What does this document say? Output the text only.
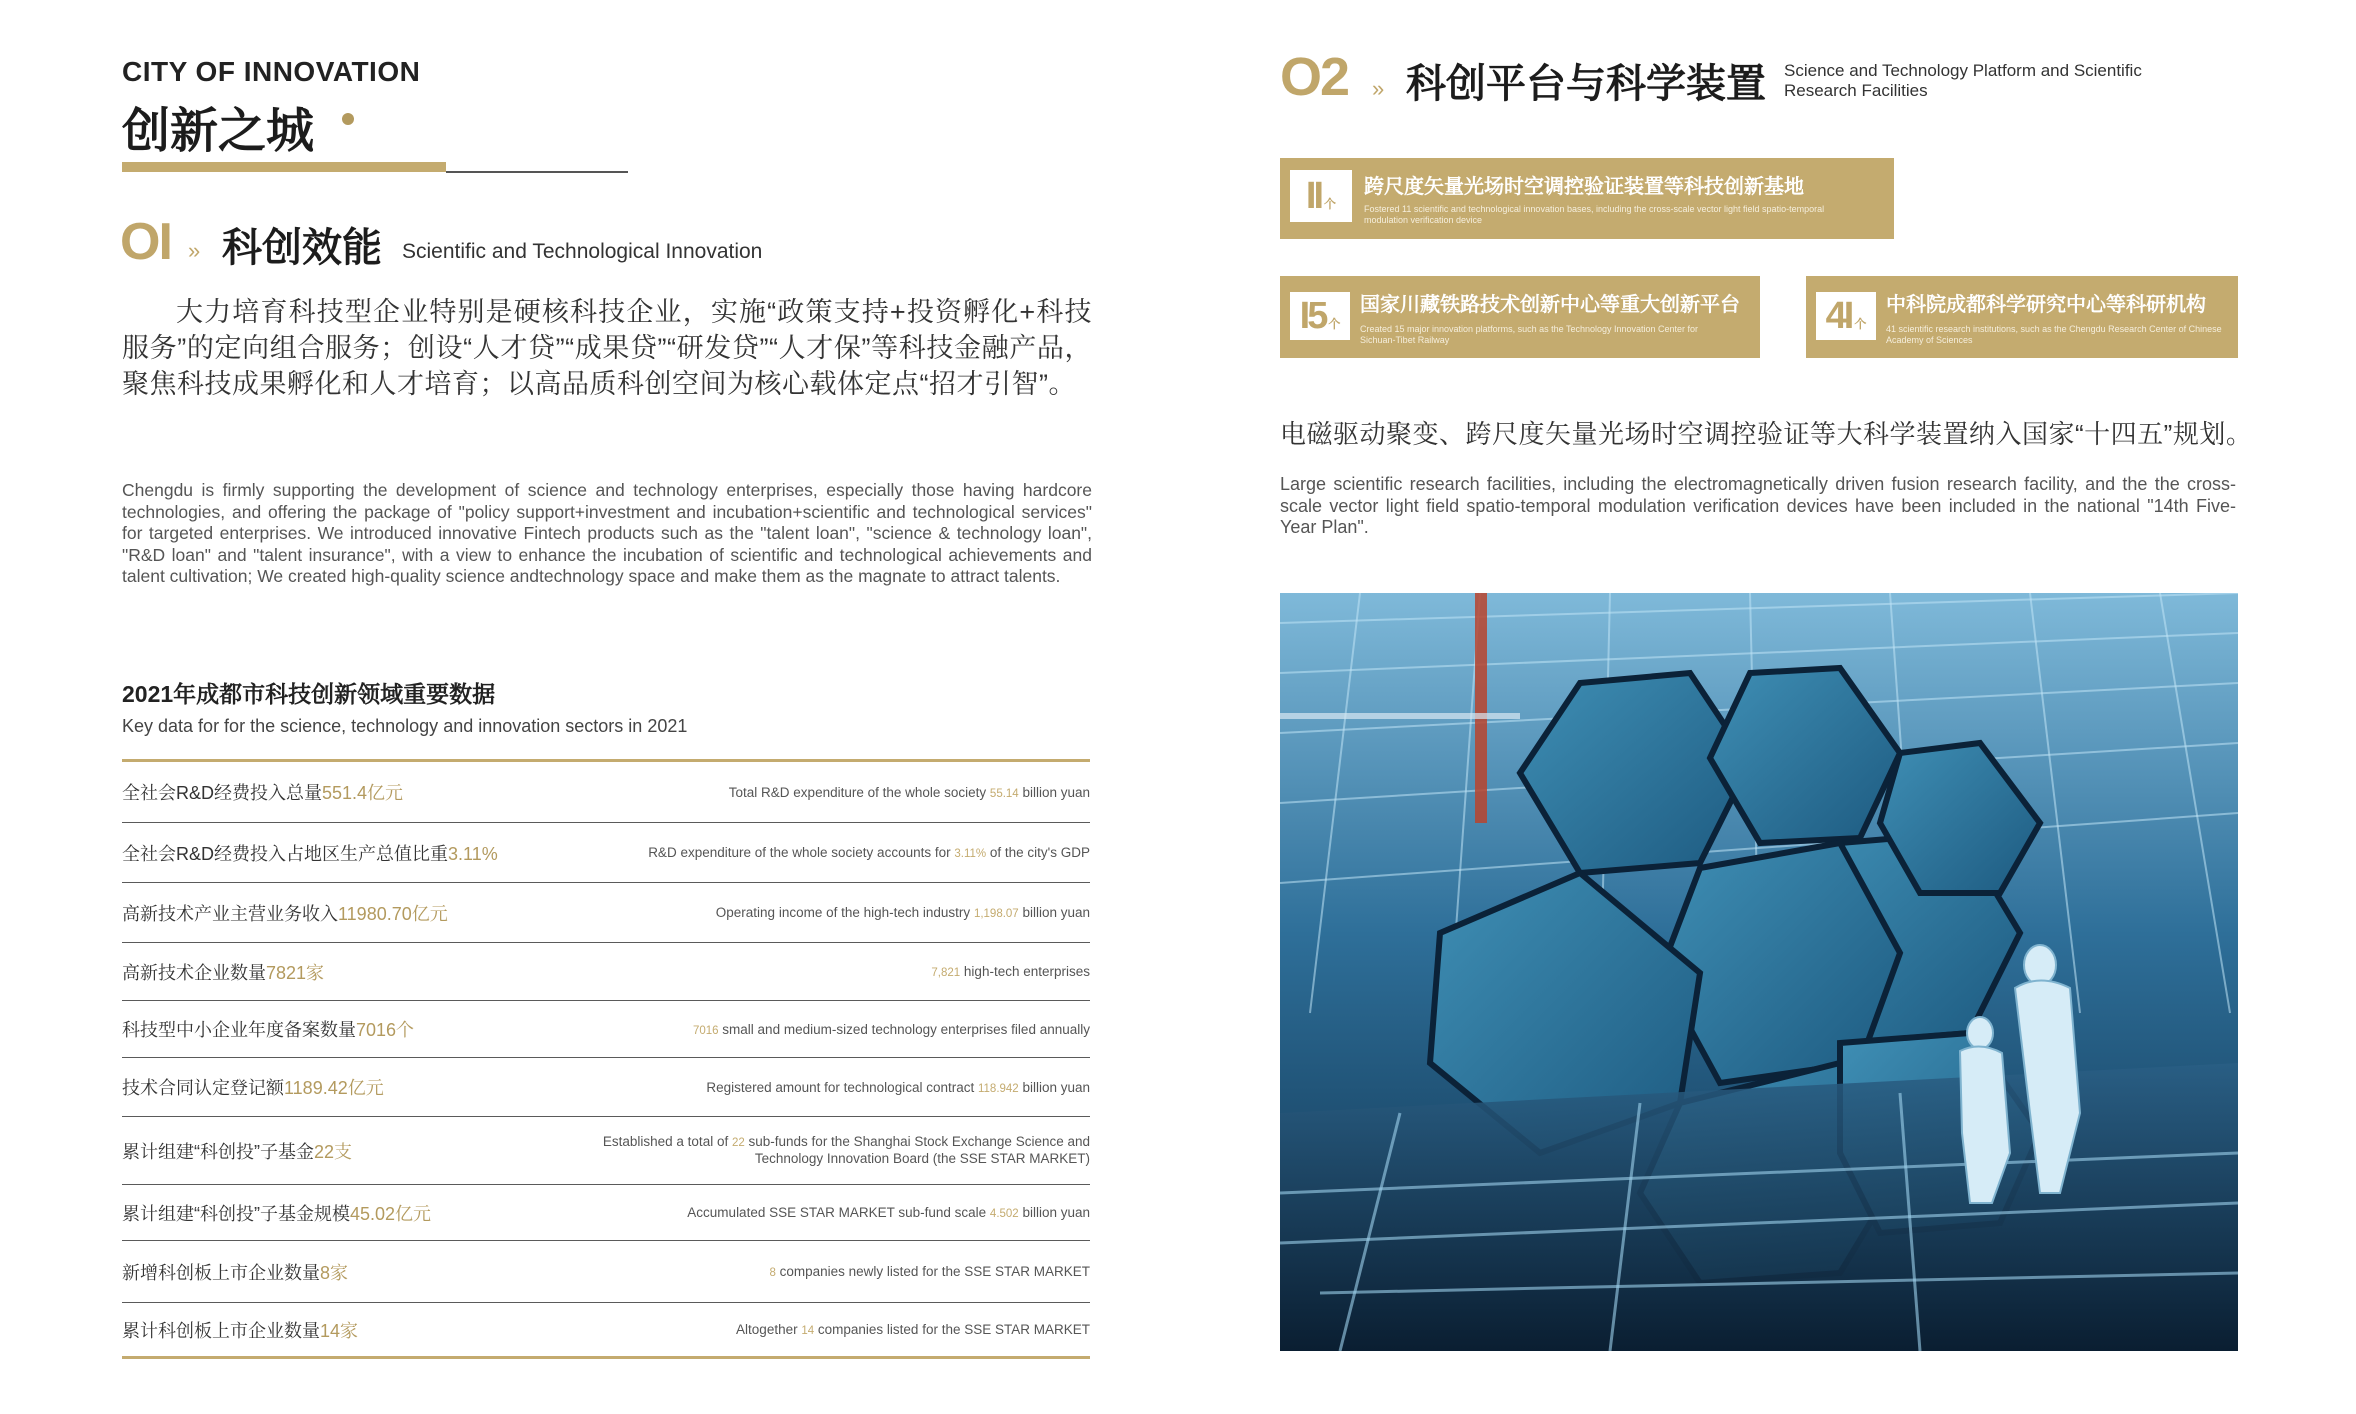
CITY OF INNOVATION
创新之城
OI » 科创效能 Scientific and Technological Innovation
大力培育科技型企业特别是硬核科技企业，实施“政策支持+投资孵化+科技服务”的定向组合服务；创设“人才贷”“成果贷”“研发贷”“人才保”等科技金融产品，聚焦科技成果孵化和人才培育；以高品质科创空间为核心载体定点“招才引智”。
Chengdu is firmly supporting the development of science and technology enterprises, especially those having hardcore technologies, and offering the package of "policy support+investment and incubation+scientific and technological services" for targeted enterprises. We introduced innovative Fintech products such as the "talent loan", "science & technology loan", "R&D loan" and "talent insurance", with a view to enhance the incubation of scientific and technological achievements and talent cultivation; We created high-quality science andtechnology space and make them as the magnate to attract talents.
2021年成都市科技创新领域重要数据
Key data for for the science, technology and innovation sectors in 2021
全社会R&D经费投入总量551.4亿元	Total R&D expenditure of the whole society 55.14 billion yuan
全社会R&D经费投入占地区生产总值比重3.11%	R&D expenditure of the whole society accounts for 3.11% of the city's GDP
高新技术产业主营业务收入11980.70亿元	Operating income of the high-tech industry 1,198.07 billion yuan
高新技术企业数量7821家	7,821 high-tech enterprises
科技型中小企业年度备案数量7016个	7016 small and medium-sized technology enterprises filed annually
技术合同认定登记额1189.42亿元	Registered amount for technological contract 118.942 billion yuan
累计组建“科创投”子基金22支	Established a total of 22 sub-funds for the Shanghai Stock Exchange Science and Technology Innovation Board (the SSE STAR MARKET)
累计组建“科创投”子基金规模45.02亿元	Accumulated SSE STAR MARKET sub-fund scale 4.502 billion yuan
新增科创板上市企业数量8家	8 companies newly listed for the SSE STAR MARKET
累计科创板上市企业数量14家	Altogether 14 companies listed for the SSE STAR MARKET
O2 » 科创平台与科学装置 Science and Technology Platform and Scientific Research Facilities
II 个
跨尺度矢量光场时空调控验证装置等科技创新基地
Fostered 11 scientific and technological innovation bases, including the cross-scale vector light field spatio-temporal modulation verification device
I5 个
国家川藏铁路技术创新中心等重大创新平台
Created 15 major innovation platforms, such as the Technology Innovation Center for Sichuan-Tibet Railway
4I 个
中科院成都科学研究中心等科研机构
41 scientific research institutions, such as the Chengdu Research Center of Chinese Academy of Sciences
电磁驱动聚变、跨尺度矢量光场时空调控验证等大科学装置纳入国家“十四五”规划。
Large scientific research facilities, including the electromagnetically driven fusion research facility, and the the cross-scale vector light field spatio-temporal modulation verification devices have been included in the national "14th Five-Year Plan".
